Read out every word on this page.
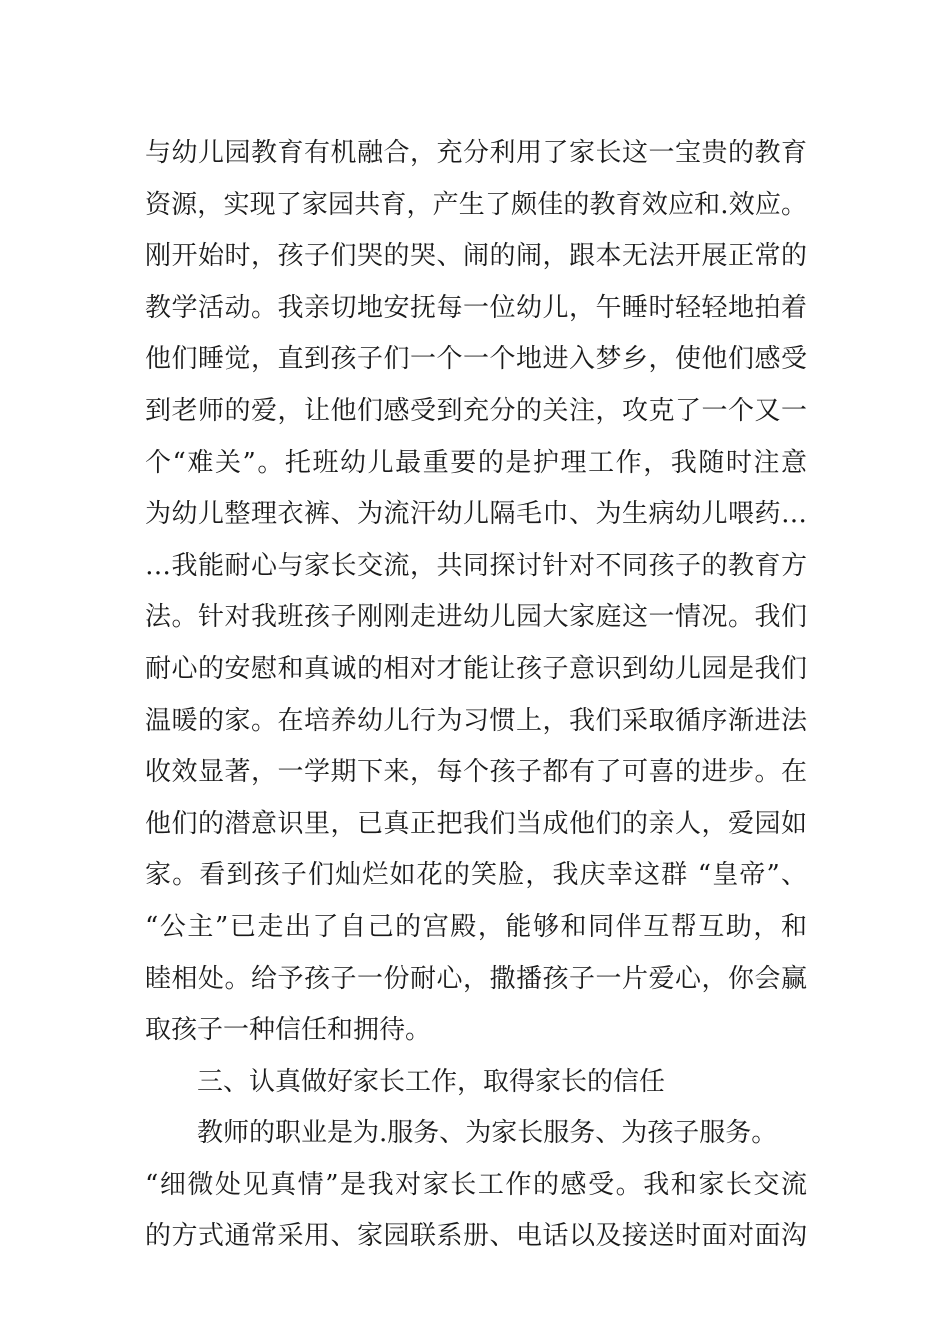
与幼儿园教育有机融合，充分利用了家长这一宝贵的教育
资源，实现了家园共育，产生了颇佳的教育效应和.效应。
刚开始时，孩子们哭的哭、闹的闹，跟本无法开展正常的
教学活动。我亲切地安抚每一位幼儿，午睡时轻轻地拍着
他们睡觉，直到孩子们一个一个地进入梦乡，使他们感受
到老师的爱，让他们感受到充分的关注，攻克了一个又一
个“难关”。托班幼儿最重要的是护理工作，我随时注意
为幼儿整理衣裤、为流汗幼儿隔毛巾、为生病幼儿喂药…
…我能耐心与家长交流，共同探讨针对不同孩子的教育方
法。针对我班孩子刚刚走进幼儿园大家庭这一情况。我们
耐心的安慰和真诚的相对才能让孩子意识到幼儿园是我们
温暖的家。在培养幼儿行为习惯上，我们采取循序渐进法
收效显著，一学期下来，每个孩子都有了可喜的进步。在
他们的潜意识里，已真正把我们当成他们的亲人，爱园如
家。看到孩子们灿烂如花的笑脸，我庆幸这群 “皇帝”、
“公主”已走出了自己的宫殿，能够和同伴互帮互助，和
睦相处。给予孩子一份耐心，撒播孩子一片爱心，你会赢
取孩子一种信任和拥待。
三、认真做好家长工作，取得家长的信任
教师的职业是为.服务、为家长服务、为孩子服务。
“细微处见真情”是我对家长工作的感受。我和家长交流
的方式通常采用、家园联系册、电话以及接送时面对面沟
